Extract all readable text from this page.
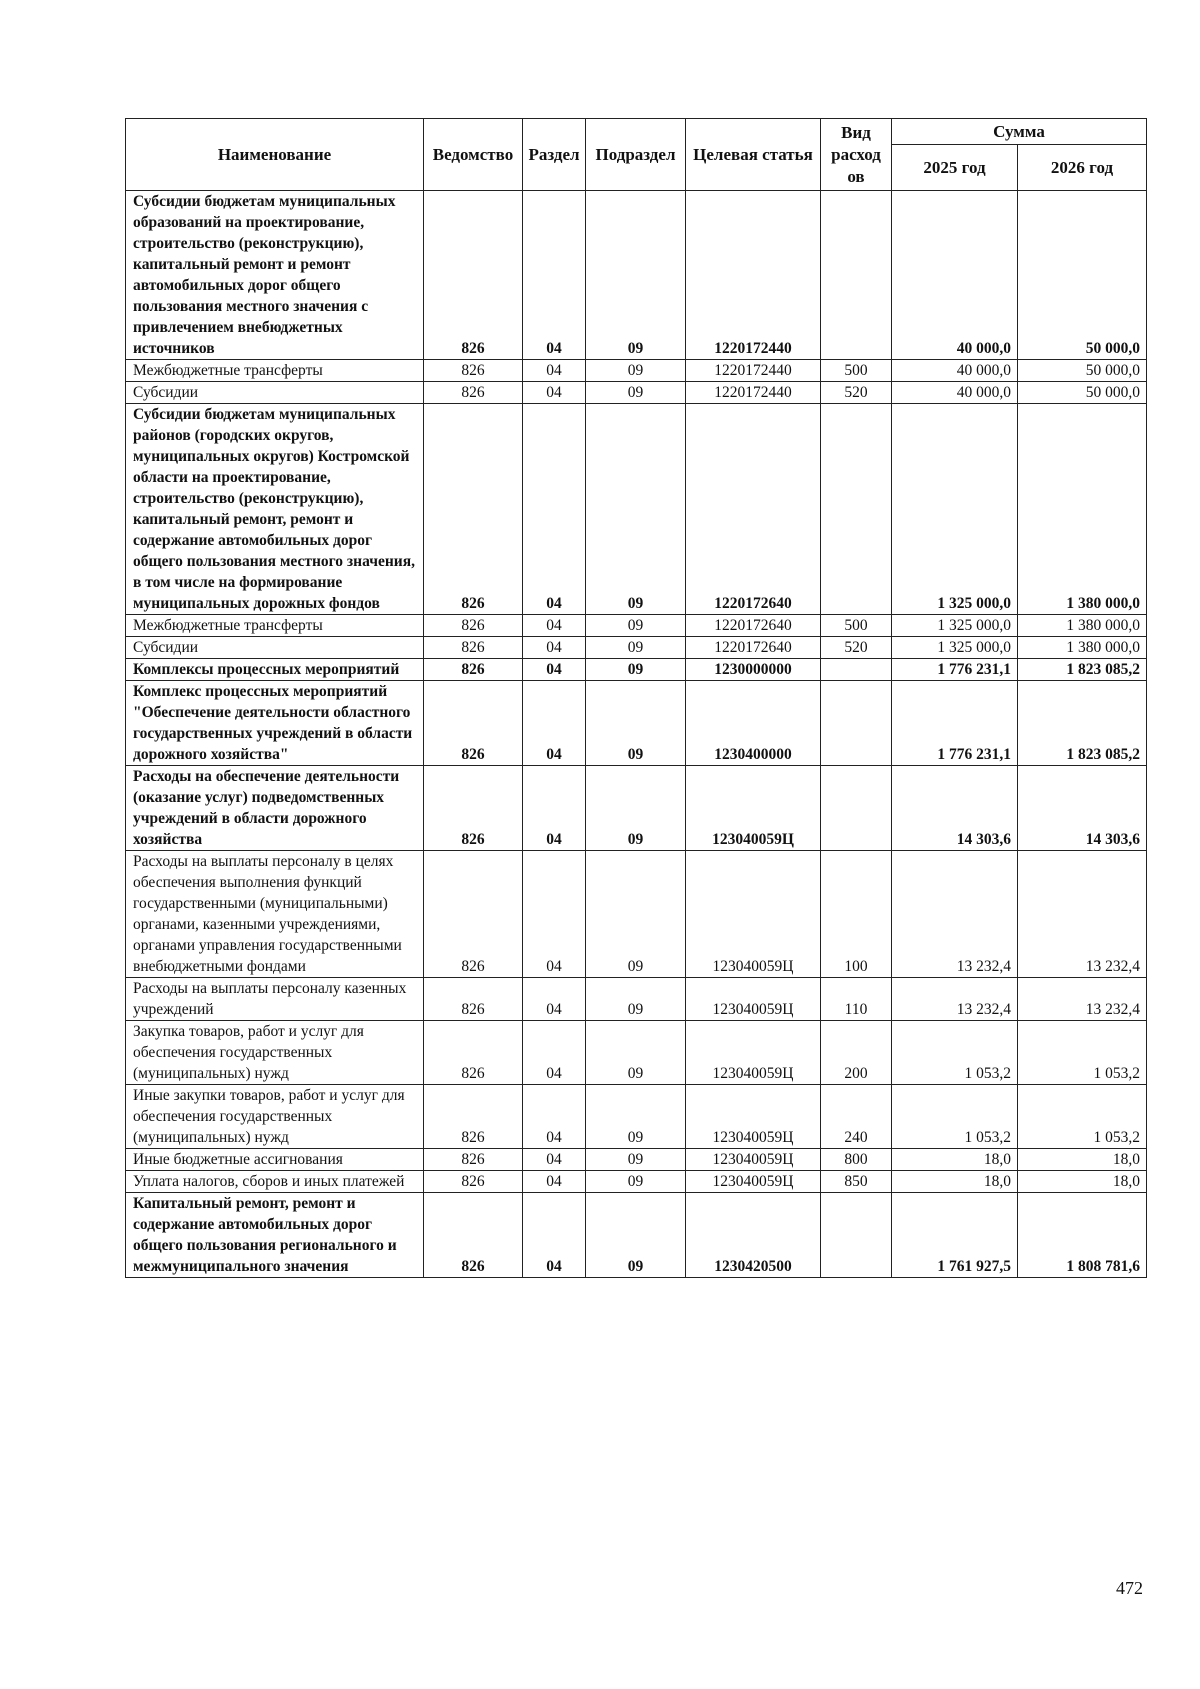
Наименование	Ведомство	Раздел	Подраздел	Целевая статья	Вид расход ов	Сумма	
						2025 год	2026 год
Субсидии бюджетам муниципальных образований на проектирование, строительство (реконструкцию), капитальный ремонт и ремонт автомобильных дорог общего пользования местного значения с привлечением внебюджетных источников	826	04	09	1220172440		40 000,0	50 000,0
Межбюджетные трансферты	826	04	09	1220172440	500	40 000,0	50 000,0
Субсидии	826	04	09	1220172440	520	40 000,0	50 000,0
Субсидии бюджетам муниципальных районов (городских округов, муниципальных округов) Костромской области на проектирование, строительство (реконструкцию), капитальный ремонт, ремонт и содержание автомобильных дорог общего пользования местного значения, в том числе на формирование муниципальных дорожных фондов	826	04	09	1220172640		1 325 000,0	1 380 000,0
Межбюджетные трансферты	826	04	09	1220172640	500	1 325 000,0	1 380 000,0
Субсидии	826	04	09	1220172640	520	1 325 000,0	1 380 000,0
Комплексы процессных мероприятий	826	04	09	1230000000		1 776 231,1	1 823 085,2
Комплекс процессных мероприятий "Обеспечение деятельности областного государственных учреждений в области дорожного хозяйства"	826	04	09	1230400000		1 776 231,1	1 823 085,2
Расходы на обеспечение деятельности (оказание услуг) подведомственных учреждений в области дорожного хозяйства	826	04	09	123040059Ц		14 303,6	14 303,6
Расходы на выплаты персоналу в целях обеспечения выполнения функций государственными (муниципальными) органами, казенными учреждениями, органами управления государственными внебюджетными фондами	826	04	09	123040059Ц	100	13 232,4	13 232,4
Расходы на выплаты персоналу казенных учреждений	826	04	09	123040059Ц	110	13 232,4	13 232,4
Закупка товаров, работ и услуг для обеспечения государственных (муниципальных) нужд	826	04	09	123040059Ц	200	1 053,2	1 053,2
Иные закупки товаров, работ и услуг для обеспечения государственных (муниципальных) нужд	826	04	09	123040059Ц	240	1 053,2	1 053,2
Иные бюджетные ассигнования	826	04	09	123040059Ц	800	18,0	18,0
Уплата налогов, сборов и иных платежей	826	04	09	123040059Ц	850	18,0	18,0
Капитальный ремонт, ремонт и содержание автомобильных дорог общего пользования регионального и межмуниципального значения	826	04	09	1230420500		1 761 927,5	1 808 781,6
472
